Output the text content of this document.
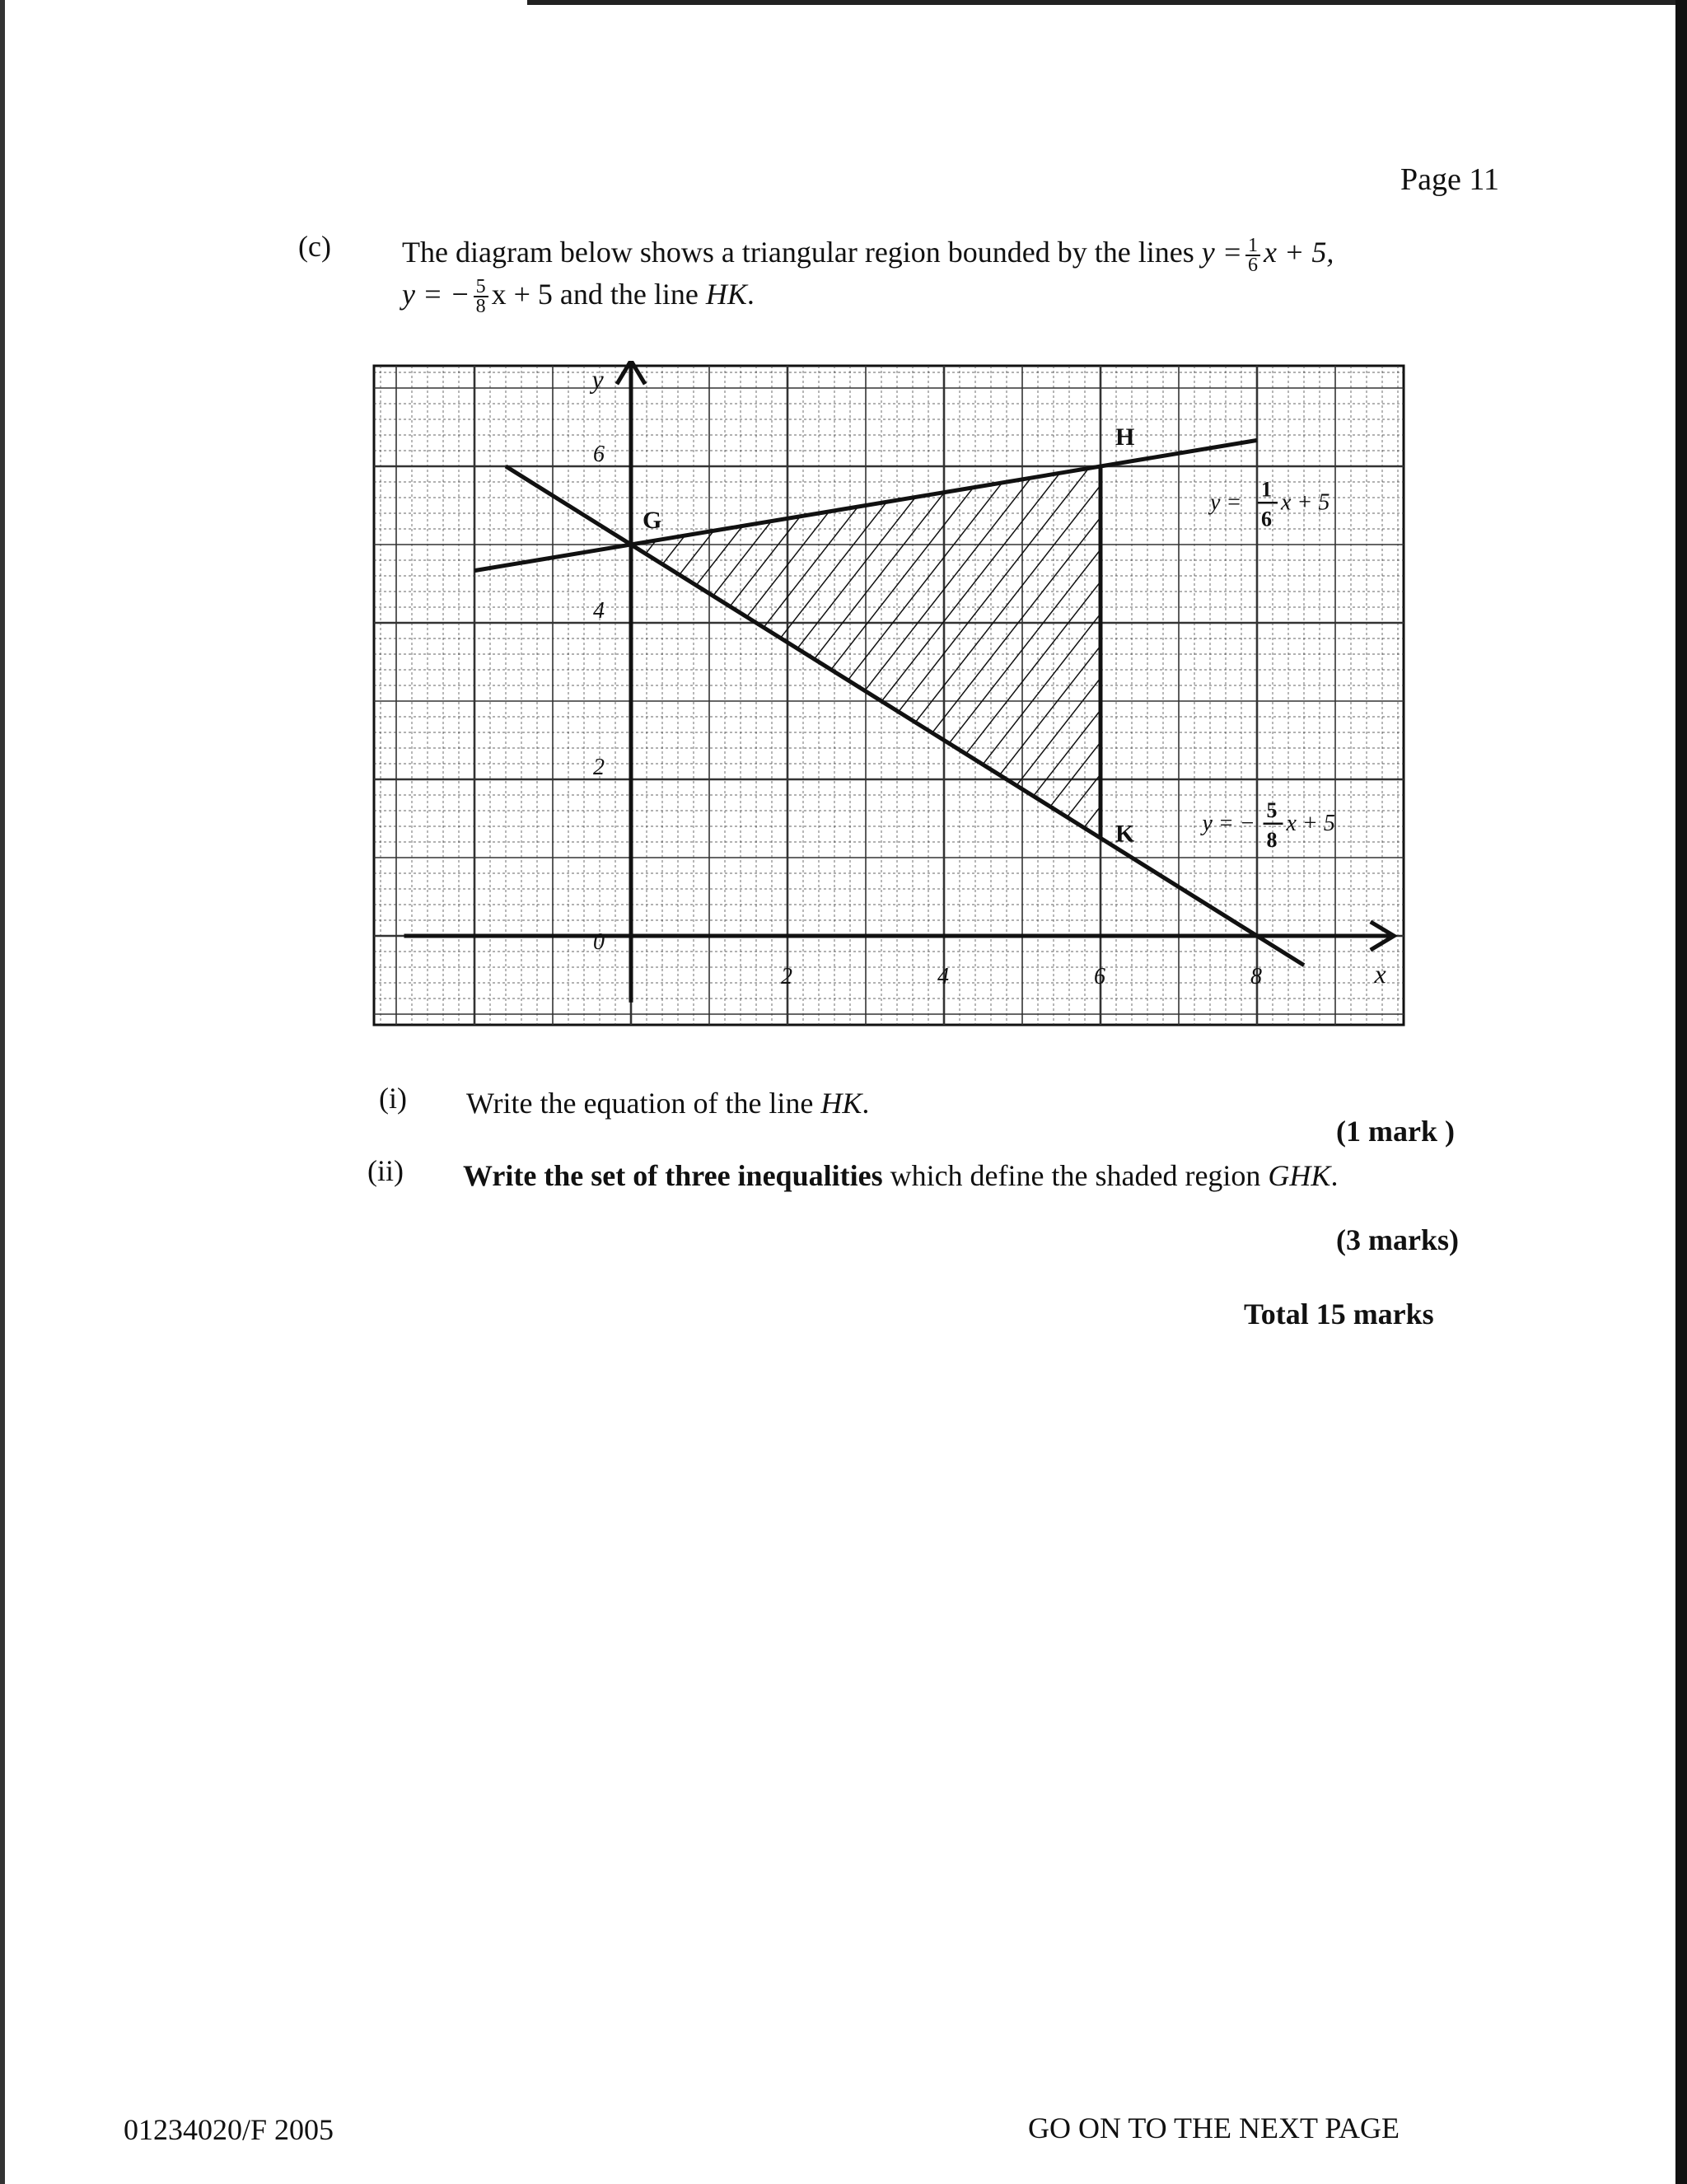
Page 11
(c) The diagram below shows a triangular region bounded by the lines $y = \frac{1}{6}$ x + 5,
y = − $\frac{5}{8}$ x + 5 and the line HK.
2	4	6	8
0
2
4
6
x
y
G
H
K
y =
1
6
x + 5
y = −
5
8
x + 5
(i) Write the equation of the line HK.
(1 mark )
(ii) Write the set of three inequalities which define the shaded region GHK.
(3 marks)
Total 15 marks
01234020/F 2005	GO ON TO THE NEXT PAGE
